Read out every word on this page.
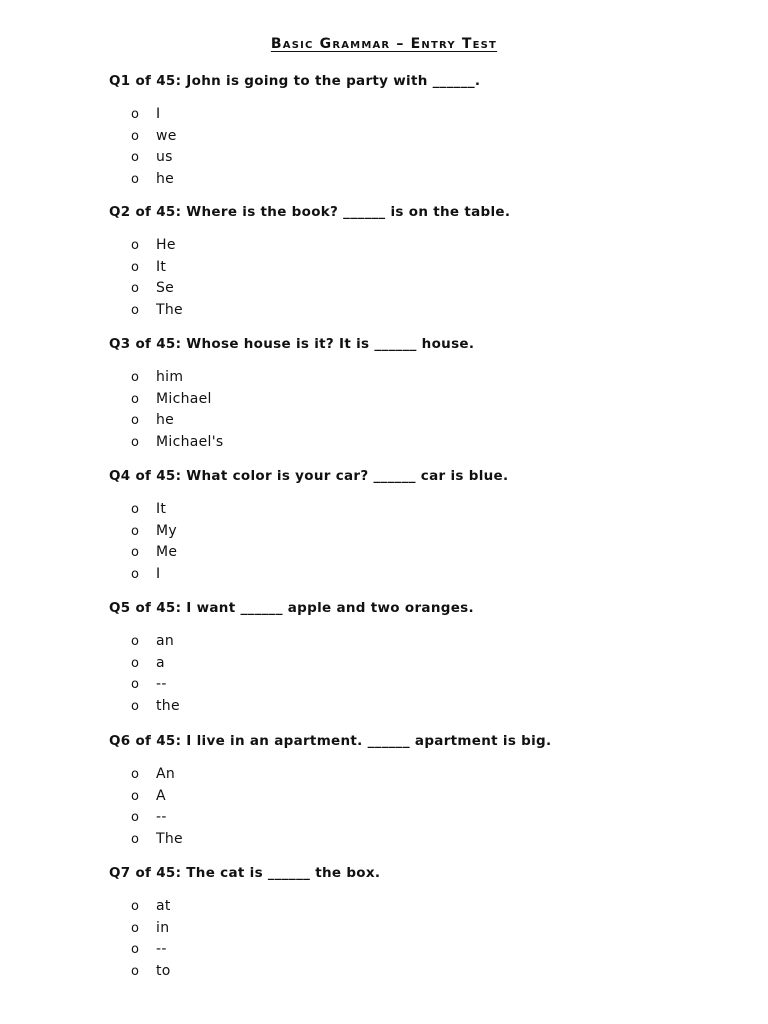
Basic Grammar – Entry Test
Q1 of 45: John is going to the party with ______.
o I
o we
o us
o he
Q2 of 45: Where is the book? ______ is on the table.
o He
o It
o Se
o The
Q3 of 45: Whose house is it? It is ______ house.
o him
o Michael
o he
o Michael's
Q4 of 45: What color is your car? ______ car is blue.
o It
o My
o Me
o I
Q5 of 45: I want ______ apple and two oranges.
o an
o a
o --
o the
Q6 of 45: I live in an apartment. ______ apartment is big.
o An
o A
o --
o The
Q7 of 45: The cat is ______ the box.
o at
o in
o --
o to
